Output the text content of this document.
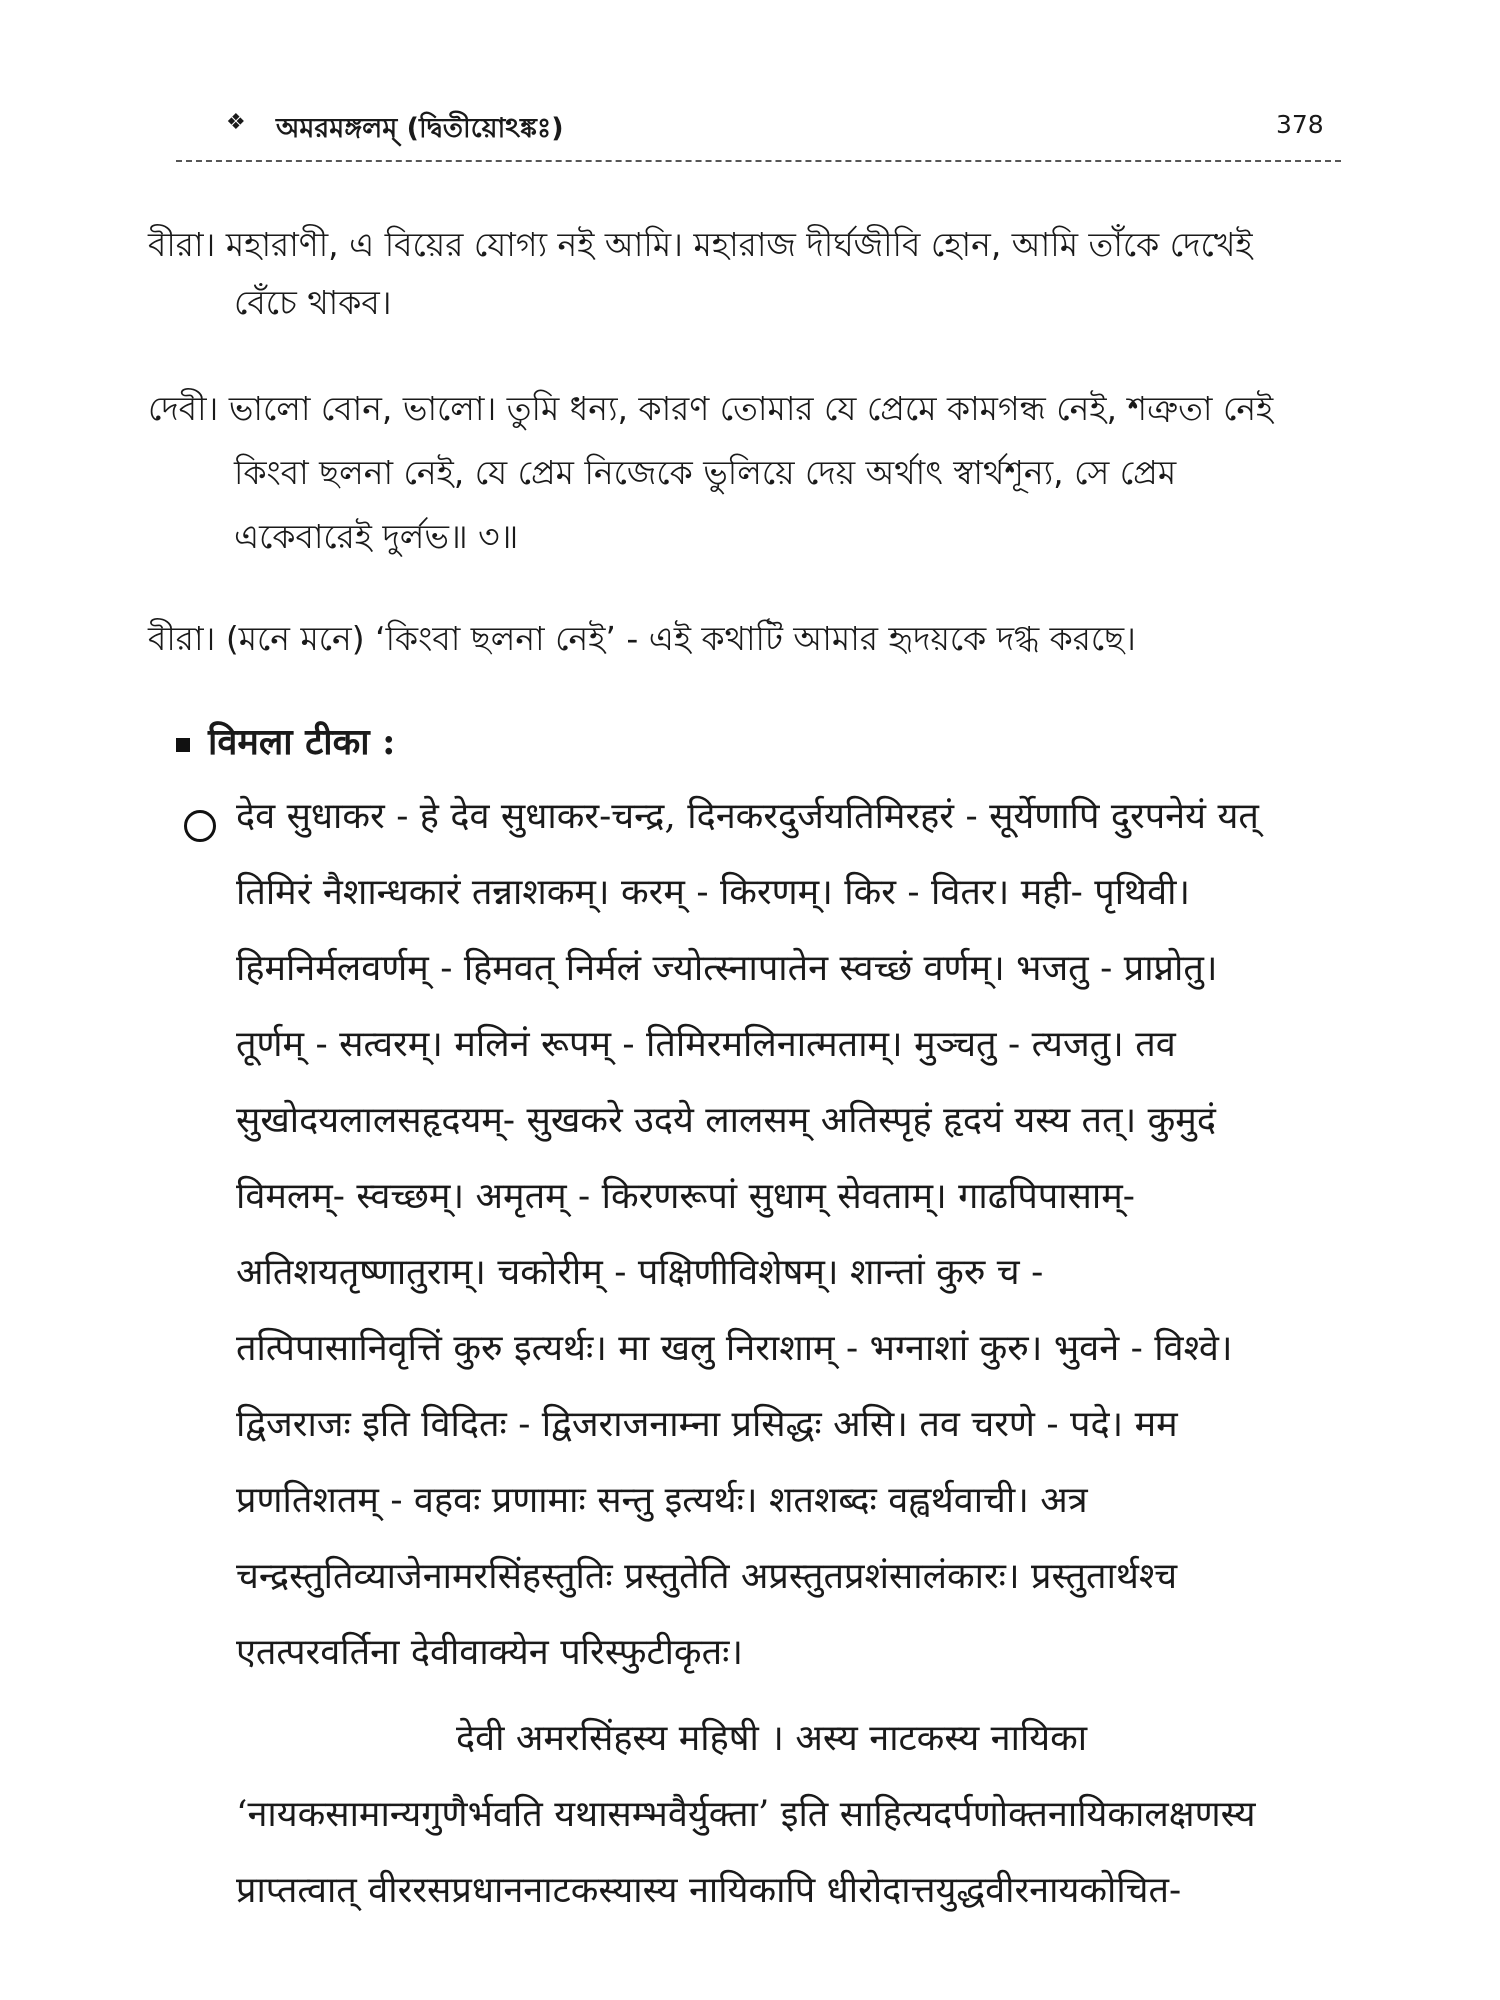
❖ অমরমঙ্গলম্ (দ্বিতীয়োঽঙ্কঃ)	378
বীরা। মহারাণী, এ বিয়ের যোগ্য নই আমি। মহারাজ দীর্ঘজীবি হোন, আমি তাঁকে দেখেই
বেঁচে থাকব।
দেবী। ভালো বোন, ভালো। তুমি ধন্য, কারণ তোমার যে প্রেমে কামগন্ধ নেই, শত্রুতা নেই
কিংবা ছলনা নেই, যে প্রেম নিজেকে ভুলিয়ে দেয় অর্থাৎ স্বার্থশূন্য, সে প্রেম
একেবারেই দুর্লভ॥ ৩॥
বীরা। (মনে মনে) ‘কিংবা ছলনা নেই’ - এই কথাটি আমার হৃদয়কে দগ্ধ করছে।
विमला टीका :
देव सुधाकर - हे देव सुधाकर-चन्द्र, दिनकरदुर्जयतिमिरहरं - सूर्येणापि दुरपनेयं यत्
तिमिरं नैशान्धकारं तन्नाशकम्। करम् - किरणम्। किर - वितर। मही- पृथिवी।
हिमनिर्मलवर्णम् - हिमवत् निर्मलं ज्योत्स्नापातेन स्वच्छं वर्णम्। भजतु - प्राप्नोतु।
तूर्णम् - सत्वरम्। मलिनं रूपम् - तिमिरमलिनात्मताम्। मुञ्चतु - त्यजतु। तव
सुखोदयलालसहृदयम्- सुखकरे उदये लालसम् अतिस्पृहं हृदयं यस्य तत्। कुमुदं
विमलम्- स्वच्छम्। अमृतम् - किरणरूपां सुधाम् सेवताम्। गाढपिपासाम्-
अतिशयतृष्णातुराम्। चकोरीम् - पक्षिणीविशेषम्। शान्तां कुरु च -
तत्पिपासानिवृत्तिं कुरु इत्यर्थः। मा खलु निराशाम् - भग्नाशां कुरु। भुवने - विश्वे।
द्विजराजः इति विदितः - द्विजराजनाम्ना प्रसिद्धः असि। तव चरणे - पदे। मम
प्रणतिशतम् - वहवः प्रणामाः सन्तु इत्यर्थः। शतशब्दः वह्वर्थवाची। अत्र
चन्द्रस्तुतिव्याजेनामरसिंहस्तुतिः प्रस्तुतेति अप्रस्तुतप्रशंसालंकारः। प्रस्तुतार्थश्च
एतत्परवर्तिना देवीवाक्येन परिस्फुटीकृतः।
देवी अमरसिंहस्य महिषी । अस्य नाटकस्य नायिका
‘नायकसामान्यगुणैर्भवति यथासम्भवैर्युक्ता’ इति साहित्यदर्पणोक्तनायिकालक्षणस्य
प्राप्तत्वात् वीररसप्रधाननाटकस्यास्य नायिकापि धीरोदात्तयुद्धवीरनायकोचित-
